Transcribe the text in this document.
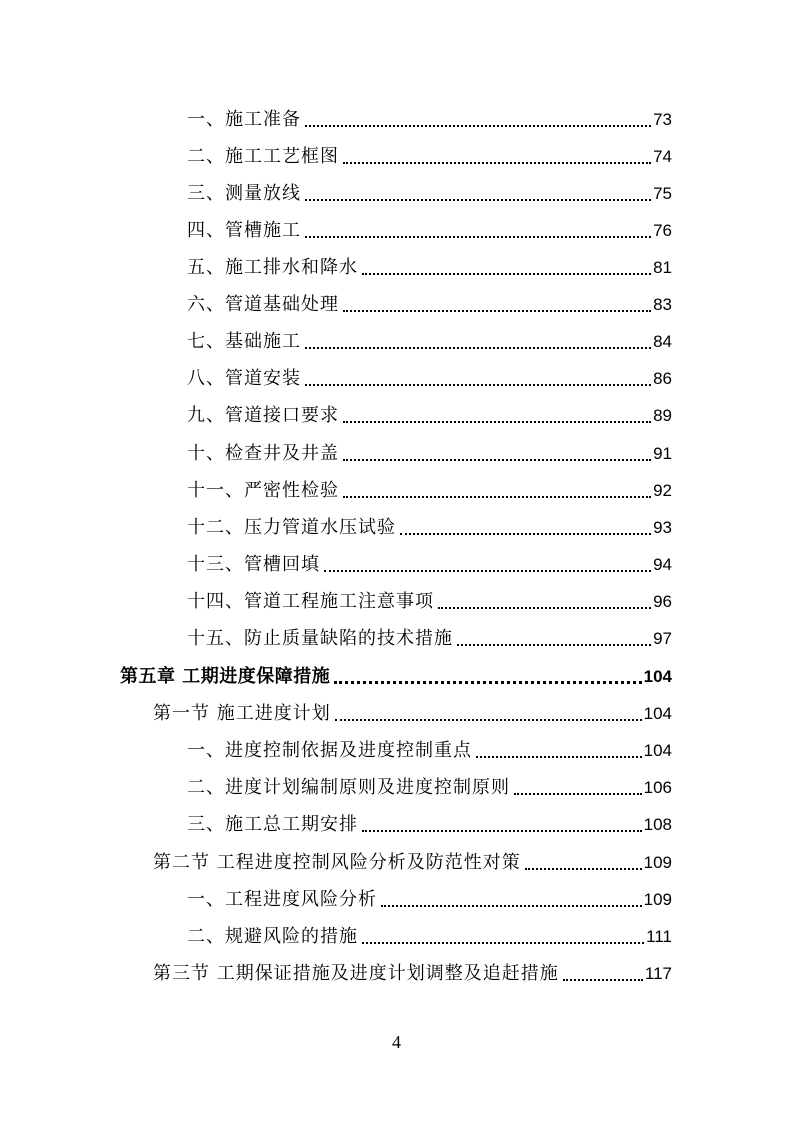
一、施工准备	73
二、施工工艺框图	74
三、测量放线	75
四、管槽施工	76
五、施工排水和降水	81
六、管道基础处理	83
七、基础施工	84
八、管道安装	86
九、管道接口要求	89
十、检查井及井盖	91
十一、严密性检验	92
十二、压力管道水压试验	93
十三、管槽回填	94
十四、管道工程施工注意事项	96
十五、防止质量缺陷的技术措施	97
第五章 工期进度保障措施	104
第一节 施工进度计划	104
一、进度控制依据及进度控制重点	104
二、进度计划编制原则及进度控制原则	106
三、施工总工期安排	108
第二节 工程进度控制风险分析及防范性对策	109
一、工程进度风险分析	109
二、规避风险的措施	111
第三节 工期保证措施及进度计划调整及追赶措施	117
4
